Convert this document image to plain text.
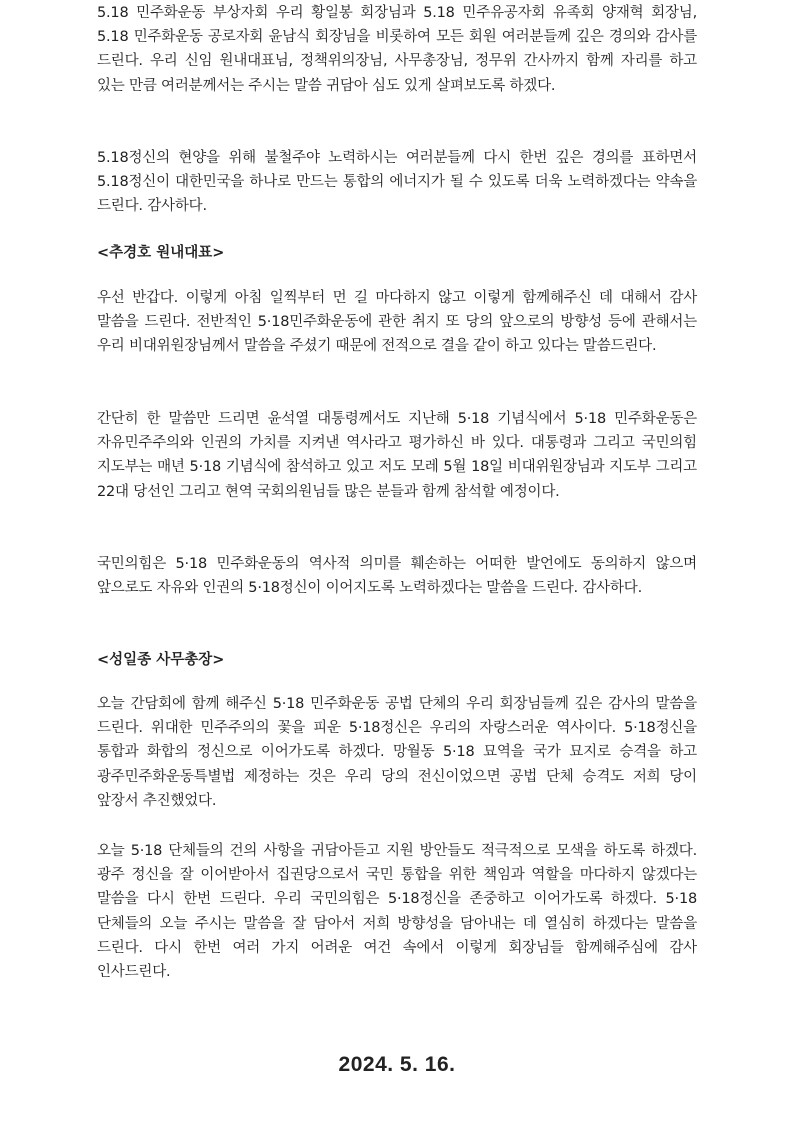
5.18 민주화운동 부상자회 우리 황일봉 회장님과 5.18 민주유공자회 유족회 양재혁 회장님, 5.18 민주화운동 공로자회 윤남식 회장님을 비롯하여 모든 회원 여러분들께 깊은 경의와 감사를 드린다. 우리 신임 원내대표님, 정책위의장님, 사무총장님, 정무위 간사까지 함께 자리를 하고 있는 만큼 여러분께서는 주시는 말씀 귀담아 심도 있게 살펴보도록 하겠다.

5.18정신의 현양을 위해 불철주야 노력하시는 여러분들께 다시 한번 깊은 경의를 표하면서 5.18정신이 대한민국을 하나로 만드는 통합의 에너지가 될 수 있도록 더욱 노력하겠다는 약속을 드린다. 감사하다.

<추경호 원내대표>

우선 반갑다. 이렇게 아침 일찍부터 먼 길 마다하지 않고 이렇게 함께해주신 데 대해서 감사 말씀을 드린다. 전반적인 5·18민주화운동에 관한 취지 또 당의 앞으로의 방향성 등에 관해서는 우리 비대위원장님께서 말씀을 주셨기 때문에 전적으로 결을 같이 하고 있다는 말씀드린다.

간단히 한 말씀만 드리면 윤석열 대통령께서도 지난해 5·18 기념식에서 5·18 민주화운동은 자유민주주의와 인권의 가치를 지켜낸 역사라고 평가하신 바 있다. 대통령과 그리고 국민의힘 지도부는 매년 5·18 기념식에 참석하고 있고 저도 모레 5월 18일 비대위원장님과 지도부 그리고 22대 당선인 그리고 현역 국회의원님들 많은 분들과 함께 참석할 예정이다.

국민의힘은 5·18 민주화운동의 역사적 의미를 훼손하는 어떠한 발언에도 동의하지 않으며 앞으로도 자유와 인권의 5·18정신이 이어지도록 노력하겠다는 말씀을 드린다. 감사하다.

<성일종 사무총장>

오늘 간담회에 함께 해주신 5·18 민주화운동 공법 단체의 우리 회장님들께 깊은 감사의 말씀을 드린다. 위대한 민주주의의 꽃을 피운 5·18정신은 우리의 자랑스러운 역사이다. 5·18정신을 통합과 화합의 정신으로 이어가도록 하겠다. 망월동 5·18 묘역을 국가 묘지로 승격을 하고 광주민주화운동특별법 제정하는 것은 우리 당의 전신이었으면 공법 단체 승격도 저희 당이 앞장서 추진했었다.

오늘 5·18 단체들의 건의 사항을 귀담아듣고 지원 방안들도 적극적으로 모색을 하도록 하겠다. 광주 정신을 잘 이어받아서 집권당으로서 국민 통합을 위한 책임과 역할을 마다하지 않겠다는 말씀을 다시 한번 드린다. 우리 국민의힘은 5·18정신을 존중하고 이어가도록 하겠다. 5·18 단체들의 오늘 주시는 말씀을 잘 담아서 저희 방향성을 담아내는 데 열심히 하겠다는 말씀을 드린다. 다시 한번 여러 가지 어려운 여건 속에서 이렇게 회장님들 함께해주심에 감사 인사드린다.

2024. 5. 16.
